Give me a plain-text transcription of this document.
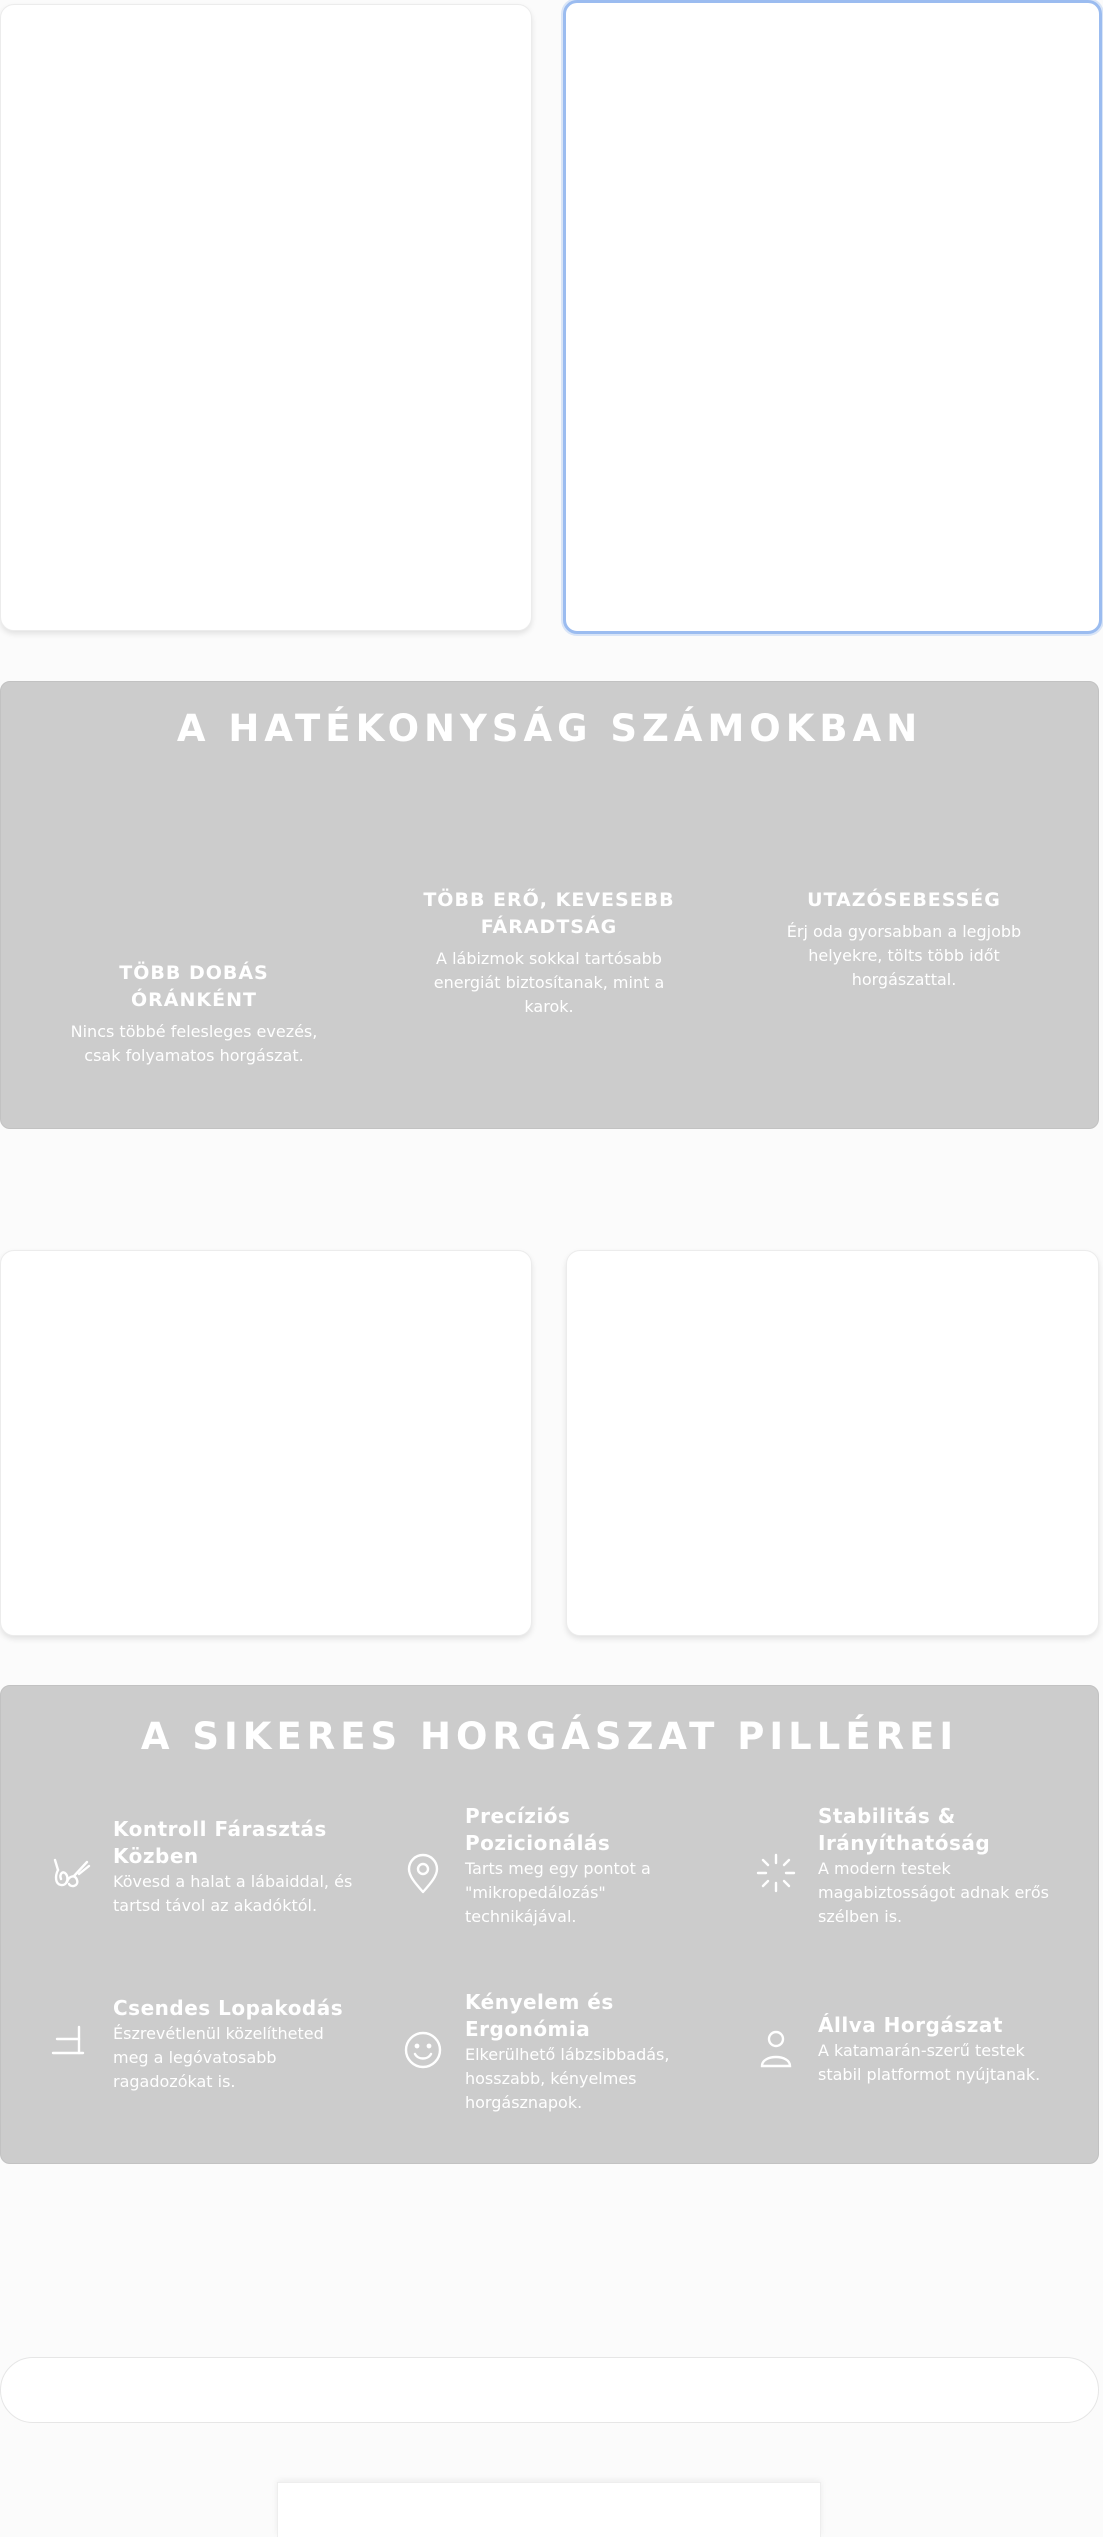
A HATÉKONYSÁG SZÁMOKBAN
TÖBB DOBÁS ÓRÁNKÉNT
Nincs többé felesleges evezés, csak folyamatos horgászat.
TÖBB ERŐ, KEVESEBB FÁRADTSÁG
A lábizmok sokkal tartósabb energiát biztosítanak, mint a karok.
UTAZÓSEBESSÉG
Érj oda gyorsabban a legjobb helyekre, tölts több időt horgászattal.
A SIKERES HORGÁSZAT PILLÉREI
Kontroll Fárasztás Közben
Kövesd a halat a lábaiddal, és tartsd távol az akadóktól.
Precíziós Pozicionálás
Tarts meg egy pontot a "mikropedálozás" technikájával.
Stabilitás & Irányíthatóság
A modern testek magabiztosságot adnak erős szélben is.
Csendes Lopakodás
Észrevétlenül közelítheted meg a legóvatosabb ragadozókat is.
Kényelem és Ergonómia
Elkerülhető lábzsibbadás, hosszabb, kényelmes horgásznapok.
Állva Horgászat
A katamarán-szerű testek stabil platformot nyújtanak.
